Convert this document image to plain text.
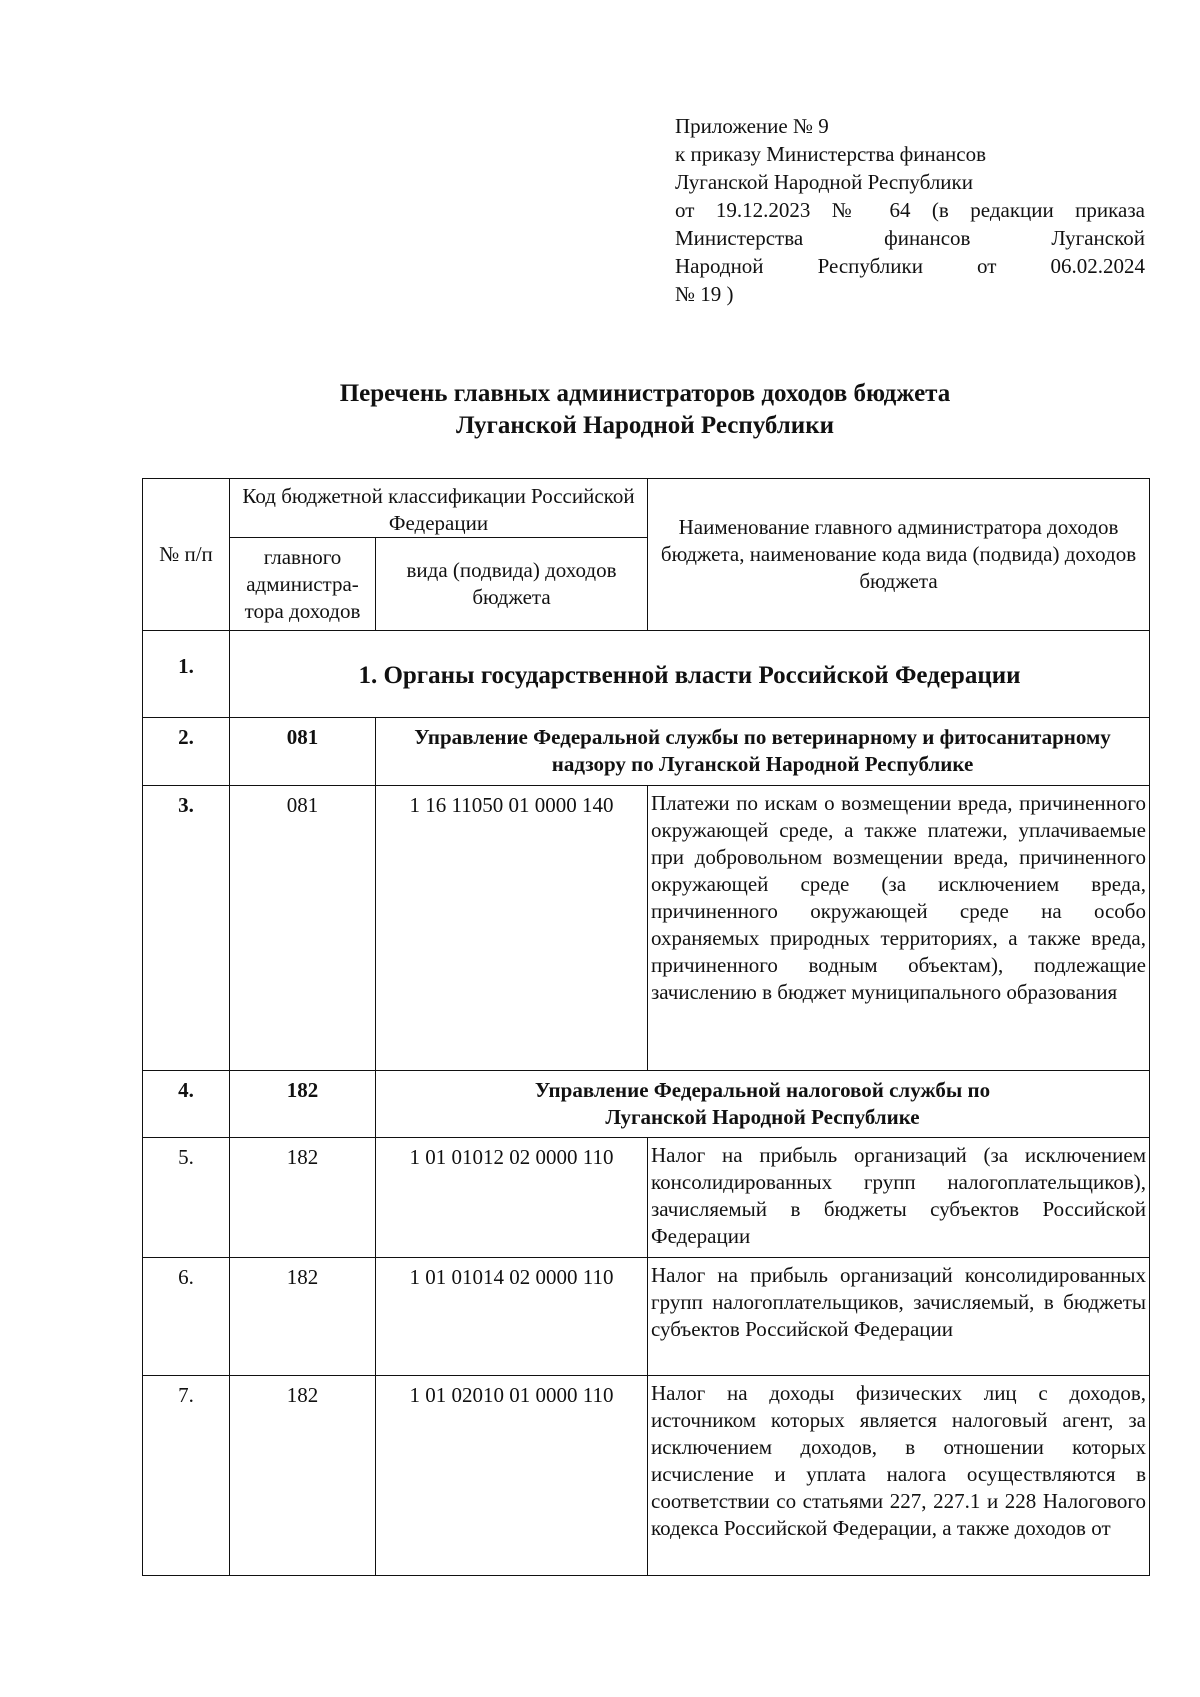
Приложение № 9
к приказу Министерства финансов
Луганской Народной Республики
от 19.12.2023 № 64 (в редакции приказа
Министерства финансов Луганской
Народной Республики от 06.02.2024
№ 19 )
Перечень главных администраторов доходов бюджета
Луганской Народной Республики
№ п/п	Код бюджетной классификации Российской Федерации		Наименование главного администратора доходов бюджета, наименование кода вида (подвида) доходов бюджета
	главного администра-тора доходов	вида (подвида) доходов бюджета	
1.	1. Органы государственной власти Российской Федерации		
2.	081	Управление Федеральной службы по ветеринарному и фитосанитарному надзору по Луганской Народной Республике	
3.	081	1 16 11050 01 0000 140	Платежи по искам о возмещении вреда, причиненного окружающей среде, а также платежи, уплачиваемые при добровольном возмещении вреда, причиненного окружающей среде (за исключением вреда, причиненного окружающей среде на особо охраняемых природных территориях, а также вреда, причиненного водным объектам), подлежащие зачислению в бюджет муниципального образования
4.	182	Управление Федеральной налоговой службы по Луганской Народной Республике	
5.	182	1 01 01012 02 0000 110	Налог на прибыль организаций (за исключением консолидированных групп налогоплательщиков), зачисляемый в бюджеты субъектов Российской Федерации
6.	182	1 01 01014 02 0000 110	Налог на прибыль организаций консолидированных групп налогоплательщиков, зачисляемый, в бюджеты субъектов Российской Федерации
7.	182	1 01 02010 01 0000 110	Налог на доходы физических лиц с доходов, источником которых является налоговый агент, за исключением доходов, в отношении которых исчисление и уплата налога осуществляются в соответствии со статьями 227, 227.1 и 228 Налогового кодекса Российской Федерации, а также доходов от
